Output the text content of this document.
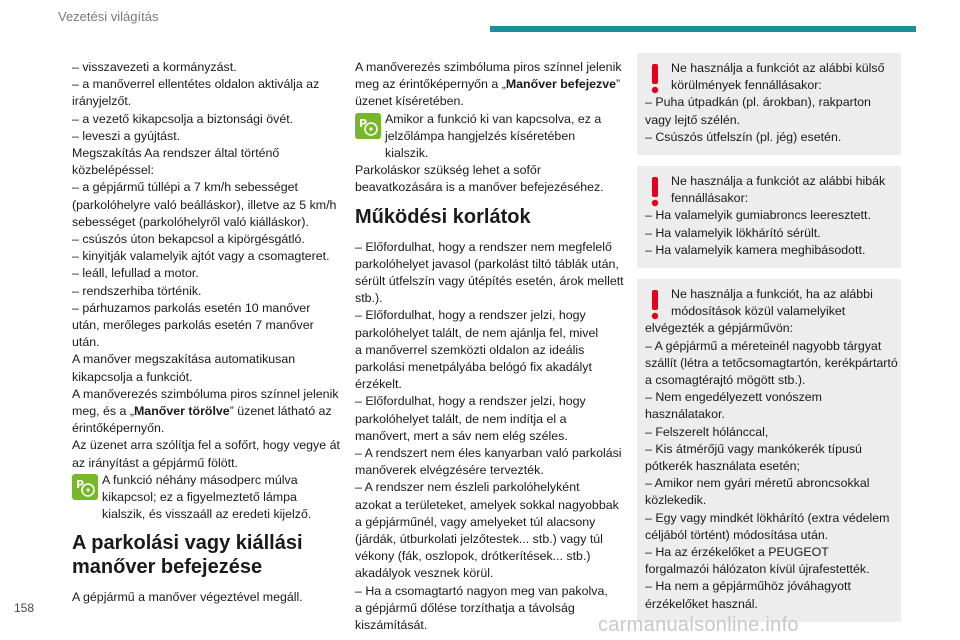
Vezetési világítás
– visszavezeti a kormányzást.
– a manőverrel ellentétes oldalon aktiválja az
irányjelzőt.
– a vezető kikapcsolja a biztonsági övét.
– leveszi a gyújtást.
Megszakítás Aa rendszer által történő
közbelépéssel:
– a gépjármű túllépi a 7 km/h sebességet
(parkolóhelyre való beálláskor), illetve az 5 km/h
sebességet (parkolóhelyről való kiálláskor).
– csúszós úton bekapcsol a kipörgésgátló.
– kinyitják valamelyik ajtót vagy a csomagteret.
– leáll, lefullad a motor.
– rendszerhiba történik.
– párhuzamos parkolás esetén 10 manőver
után, merőleges parkolás esetén 7 manőver
után.
A manőver megszakítása automatikusan
kikapcsolja a funkciót.
A manőverezés szimbóluma piros színnel jelenik
meg, és a „Manőver törölve” üzenet látható az
érintőképernyőn.
Az üzenet arra szólítja fel a sofőrt, hogy vegye át
az irányítást a gépjármű fölött.
P A funkció néhány másodperc múlva
kikapcsol; ez a figyelmeztető lámpa
kialszik, és visszaáll az eredeti kijelző.
A parkolási vagy kiállási
manőver befejezése
A gépjármű a manőver végeztével megáll.
A manőverezés szimbóluma piros színnel jelenik
meg az érintőképernyőn a „Manőver befejezve”
üzenet kíséretében.
P Amikor a funkció ki van kapcsolva, ez a
jelzőlámpa hangjelzés kíséretében
kialszik.
Parkoláskor szükség lehet a sofőr
beavatkozására is a manőver befejezéséhez.
Működési korlátok
– Előfordulhat, hogy a rendszer nem megfelelő
parkolóhelyet javasol (parkolást tiltó táblák után,
sérült útfelszín vagy útépítés esetén, árok mellett
stb.).
– Előfordulhat, hogy a rendszer jelzi, hogy
parkolóhelyet talált, de nem ajánlja fel, mivel
a manőverrel szemközti oldalon az ideális
parkolási menetpályába belógó fix akadályt
érzékelt.
– Előfordulhat, hogy a rendszer jelzi, hogy
parkolóhelyet talált, de nem indítja el a
manővert, mert a sáv nem elég széles.
– A rendszert nem éles kanyarban való parkolási
manőverek elvégzésére tervezték.
– A rendszer nem észleli parkolóhelyként
azokat a területeket, amelyek sokkal nagyobbak
a gépjárműnél, vagy amelyeket túl alacsony
(járdák, útburkolati jelzőtestek... stb.) vagy túl
vékony (fák, oszlopok, drótkerítések... stb.)
akadályok vesznek körül.
– Ha a csomagtartó nagyon meg van pakolva,
a gépjármű dőlése torzíthatja a távolság
kiszámítását.
Ne használja a funkciót az alábbi külső
körülmények fennállásakor:
– Puha útpadkán (pl. árokban), rakparton
vagy lejtő szélén.
– Csúszós útfelszín (pl. jég) esetén.
Ne használja a funkciót az alábbi hibák
fennállásakor:
– Ha valamelyik gumiabroncs leeresztett.
– Ha valamelyik lökhárító sérült.
– Ha valamelyik kamera meghibásodott.
Ne használja a funkciót, ha az alábbi
módosítások közül valamelyiket
elvégezték a gépjárművön:
– A gépjármű a méreteinél nagyobb tárgyat
szállít (létra a tetőcsomagtartón, kerékpártartó
a csomagtérajtó mögött stb.).
– Nem engedélyezett vonószem
használatakor.
– Felszerelt hólánccal,
– Kis átmérőjű vagy mankókerék típusú
pótkerék használata esetén;
– Amikor nem gyári méretű abroncsokkal
közlekedik.
– Egy vagy mindkét lökhárító (extra védelem
céljából történt) módosítása után.
– Ha az érzékelőket a PEUGEOT
forgalmazói hálózaton kívül újrafestették.
– Ha nem a gépjárműhöz jóváhagyott
érzékelőket használ.
158
carmanualsonline.info
